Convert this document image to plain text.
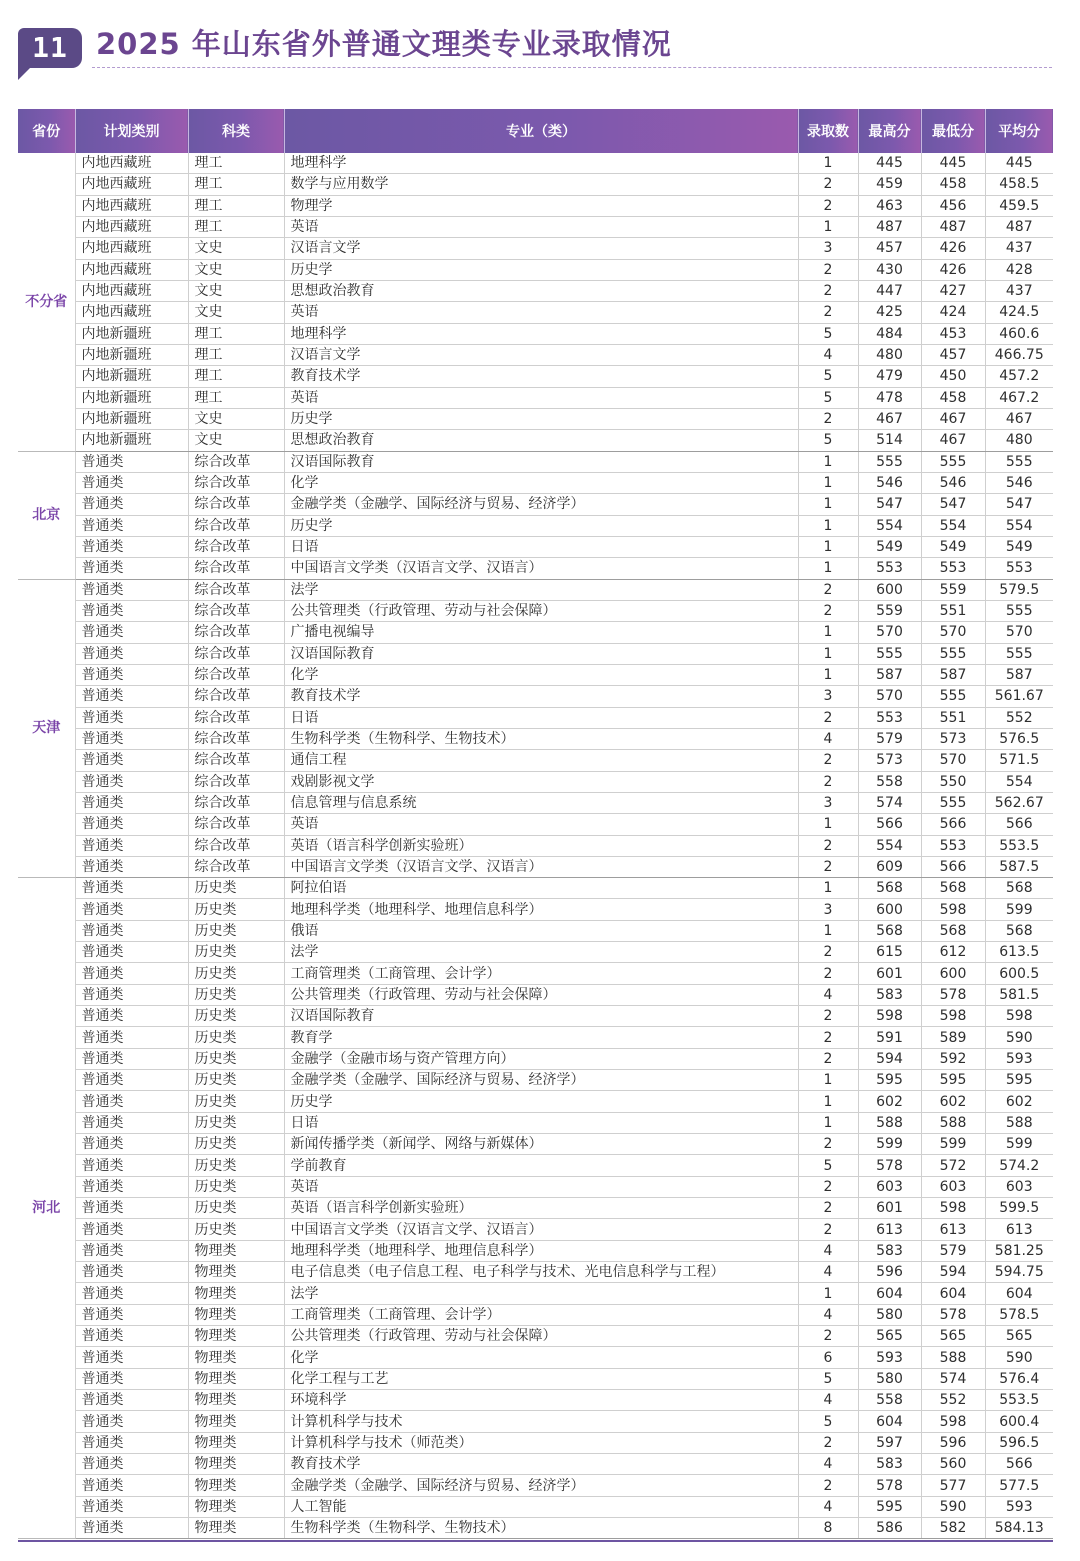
11 2025 年山东省外普通文理类专业录取情况
省份	计划类别	科类	专业（类）	录取数	最高分	最低分	平均分
不分省	内地西藏班	理工	地理科学	1	445	445	445
	内地西藏班	理工	数学与应用数学	2	459	458	458.5
	内地西藏班	理工	物理学	2	463	456	459.5
	内地西藏班	理工	英语	1	487	487	487
	内地西藏班	文史	汉语言文学	3	457	426	437
	内地西藏班	文史	历史学	2	430	426	428
	内地西藏班	文史	思想政治教育	2	447	427	437
	内地西藏班	文史	英语	2	425	424	424.5
	内地新疆班	理工	地理科学	5	484	453	460.6
	内地新疆班	理工	汉语言文学	4	480	457	466.75
	内地新疆班	理工	教育技术学	5	479	450	457.2
	内地新疆班	理工	英语	5	478	458	467.2
	内地新疆班	文史	历史学	2	467	467	467
	内地新疆班	文史	思想政治教育	5	514	467	480
北京	普通类	综合改革	汉语国际教育	1	555	555	555
	普通类	综合改革	化学	1	546	546	546
	普通类	综合改革	金融学类（金融学、国际经济与贸易、经济学）	1	547	547	547
	普通类	综合改革	历史学	1	554	554	554
	普通类	综合改革	日语	1	549	549	549
	普通类	综合改革	中国语言文学类（汉语言文学、汉语言）	1	553	553	553
天津	普通类	综合改革	法学	2	600	559	579.5
	普通类	综合改革	公共管理类（行政管理、劳动与社会保障）	2	559	551	555
	普通类	综合改革	广播电视编导	1	570	570	570
	普通类	综合改革	汉语国际教育	1	555	555	555
	普通类	综合改革	化学	1	587	587	587
	普通类	综合改革	教育技术学	3	570	555	561.67
	普通类	综合改革	日语	2	553	551	552
	普通类	综合改革	生物科学类（生物科学、生物技术）	4	579	573	576.5
	普通类	综合改革	通信工程	2	573	570	571.5
	普通类	综合改革	戏剧影视文学	2	558	550	554
	普通类	综合改革	信息管理与信息系统	3	574	555	562.67
	普通类	综合改革	英语	1	566	566	566
	普通类	综合改革	英语（语言科学创新实验班）	2	554	553	553.5
	普通类	综合改革	中国语言文学类（汉语言文学、汉语言）	2	609	566	587.5
河北	普通类	历史类	阿拉伯语	1	568	568	568
	普通类	历史类	地理科学类（地理科学、地理信息科学）	3	600	598	599
	普通类	历史类	俄语	1	568	568	568
	普通类	历史类	法学	2	615	612	613.5
	普通类	历史类	工商管理类（工商管理、会计学）	2	601	600	600.5
	普通类	历史类	公共管理类（行政管理、劳动与社会保障）	4	583	578	581.5
	普通类	历史类	汉语国际教育	2	598	598	598
	普通类	历史类	教育学	2	591	589	590
	普通类	历史类	金融学（金融市场与资产管理方向）	2	594	592	593
	普通类	历史类	金融学类（金融学、国际经济与贸易、经济学）	1	595	595	595
	普通类	历史类	历史学	1	602	602	602
	普通类	历史类	日语	1	588	588	588
	普通类	历史类	新闻传播学类（新闻学、网络与新媒体）	2	599	599	599
	普通类	历史类	学前教育	5	578	572	574.2
	普通类	历史类	英语	2	603	603	603
	普通类	历史类	英语（语言科学创新实验班）	2	601	598	599.5
	普通类	历史类	中国语言文学类（汉语言文学、汉语言）	2	613	613	613
	普通类	物理类	地理科学类（地理科学、地理信息科学）	4	583	579	581.25
	普通类	物理类	电子信息类（电子信息工程、电子科学与技术、光电信息科学与工程）	4	596	594	594.75
	普通类	物理类	法学	1	604	604	604
	普通类	物理类	工商管理类（工商管理、会计学）	4	580	578	578.5
	普通类	物理类	公共管理类（行政管理、劳动与社会保障）	2	565	565	565
	普通类	物理类	化学	6	593	588	590
	普通类	物理类	化学工程与工艺	5	580	574	576.4
	普通类	物理类	环境科学	4	558	552	553.5
	普通类	物理类	计算机科学与技术	5	604	598	600.4
	普通类	物理类	计算机科学与技术（师范类）	2	597	596	596.5
	普通类	物理类	教育技术学	4	583	560	566
	普通类	物理类	金融学类（金融学、国际经济与贸易、经济学）	2	578	577	577.5
	普通类	物理类	人工智能	4	595	590	593
	普通类	物理类	生物科学类（生物科学、生物技术）	8	586	582	584.13
